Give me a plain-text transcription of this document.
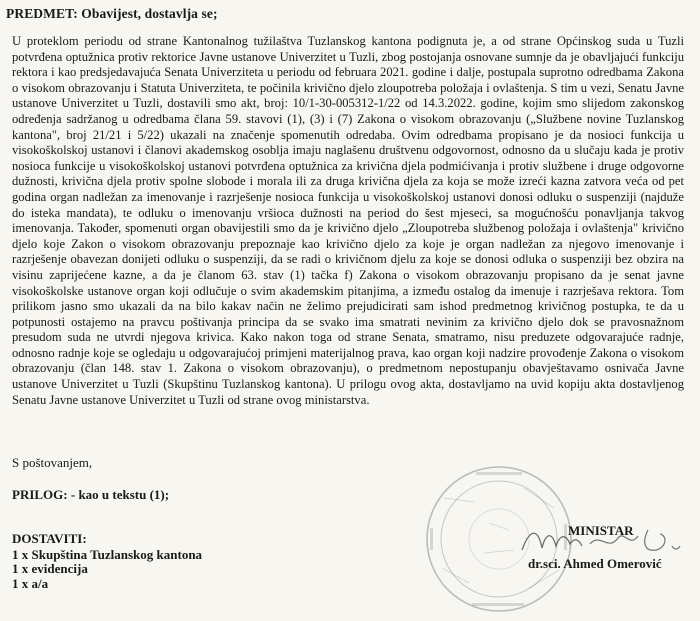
PREDMET: Obavijest, dostavlja se;

U proteklom periodu od strane Kantonalnog tužilaštva Tuzlanskog kantona podignuta je, a od strane Općinskog suda u Tuzli potvrđena optužnica protiv rektorice Javne ustanove Univerzitet u Tuzli, zbog postojanja osnovane sumnje da je obavljajući funkciju rektora i kao predsjedavajuća Senata Univerziteta u periodu od februara 2021. godine i dalje, postupala suprotno odredbama Zakona o visokom obrazovanju i Statuta Univerziteta, te počinila krivično djelo zloupotreba položaja i ovlaštenja. S tim u vezi, Senatu Javne ustanove Univerzitet u Tuzli, dostavili smo akt, broj: 10/1-30-005312-1/22 od 14.3.2022. godine, kojim smo slijedom zakonskog određenja sadržanog u odredbama člana 59. stavovi (1), (3) i (7) Zakona o visokom obrazovanju („Službene novine Tuzlanskog kantona", broj 21/21 i 5/22) ukazali na značenje spomenutih odredaba. Ovim odredbama propisano je da nosioci funkcija u visokoškolskoj ustanovi i članovi akademskog osoblja imaju naglašenu društvenu odgovornost, odnosno da u slučaju kada je protiv nosioca funkcije u visokoškolskoj ustanovi potvrđena optužnica za krivična djela podmićivanja i protiv službene i druge odgovorne dužnosti, krivična djela protiv spolne slobode i morala ili za druga krivična djela za koja se može izreći kazna zatvora veća od pet godina organ nadležan za imenovanje i razrješenje nosioca funkcija u visokoškolskoj ustanovi donosi odluku o suspenziji (najduže do isteka mandata), te odluku o imenovanju vršioca dužnosti na period do šest mjeseci, sa mogućnošću ponavljanja takvog imenovanja. Također, spomenuti organ obavijestili smo da je krivično djelo „Zloupotreba službenog položaja i ovlaštenja" krivično djelo koje Zakon o visokom obrazovanju prepoznaje kao krivično djelo za koje je organ nadležan za njegovo imenovanje i razrješenje obavezan donijeti odluku o suspenziji, da se radi o krivičnom djelu za koje se donosi odluka o suspenziji bez obzira na visinu zaprijećene kazne, a da je članom 63. stav (1) tačka f) Zakona o visokom obrazovanju propisano da je senat javne visokoškolske ustanove organ koji odlučuje o svim akademskim pitanjima, a između ostalog da imenuje i razrješava rektora. Tom prilikom jasno smo ukazali da na bilo kakav način ne želimo prejudicirati sam ishod predmetnog krivičnog postupka, te da u potpunosti ostajemo na pravcu poštivanja principa da se svako ima smatrati nevinim za krivično djelo dok se pravosnažnom presudom suda ne utvrdi njegova krivica. Kako nakon toga od strane Senata, smatramo, nisu preduzete odgovarajuće radnje, odnosno radnje koje se ogledaju u odgovarajućoj primjeni materijalnog prava, kao organ koji nadzire provođenje Zakona o visokom obrazovanju (član 148. stav 1. Zakona o visokom obrazovanju), o predmetnom nepostupanju obavještavamo osnivača Javne ustanove Univerzitet u Tuzli (Skupštinu Tuzlanskog kantona). U prilogu ovog akta, dostavljamo na uvid kopiju akta dostavljenog Senatu Javne ustanove Univerzitet u Tuzli od strane ovog ministarstva.

S poštovanjem,
PRILOG: - kao u tekstu (1);
DOSTAVITI:
1 x Skupština Tuzlanskog kantona
1 x evidencija
1 x a/a
MINISTAR
dr.sci. Ahmed Omerović
